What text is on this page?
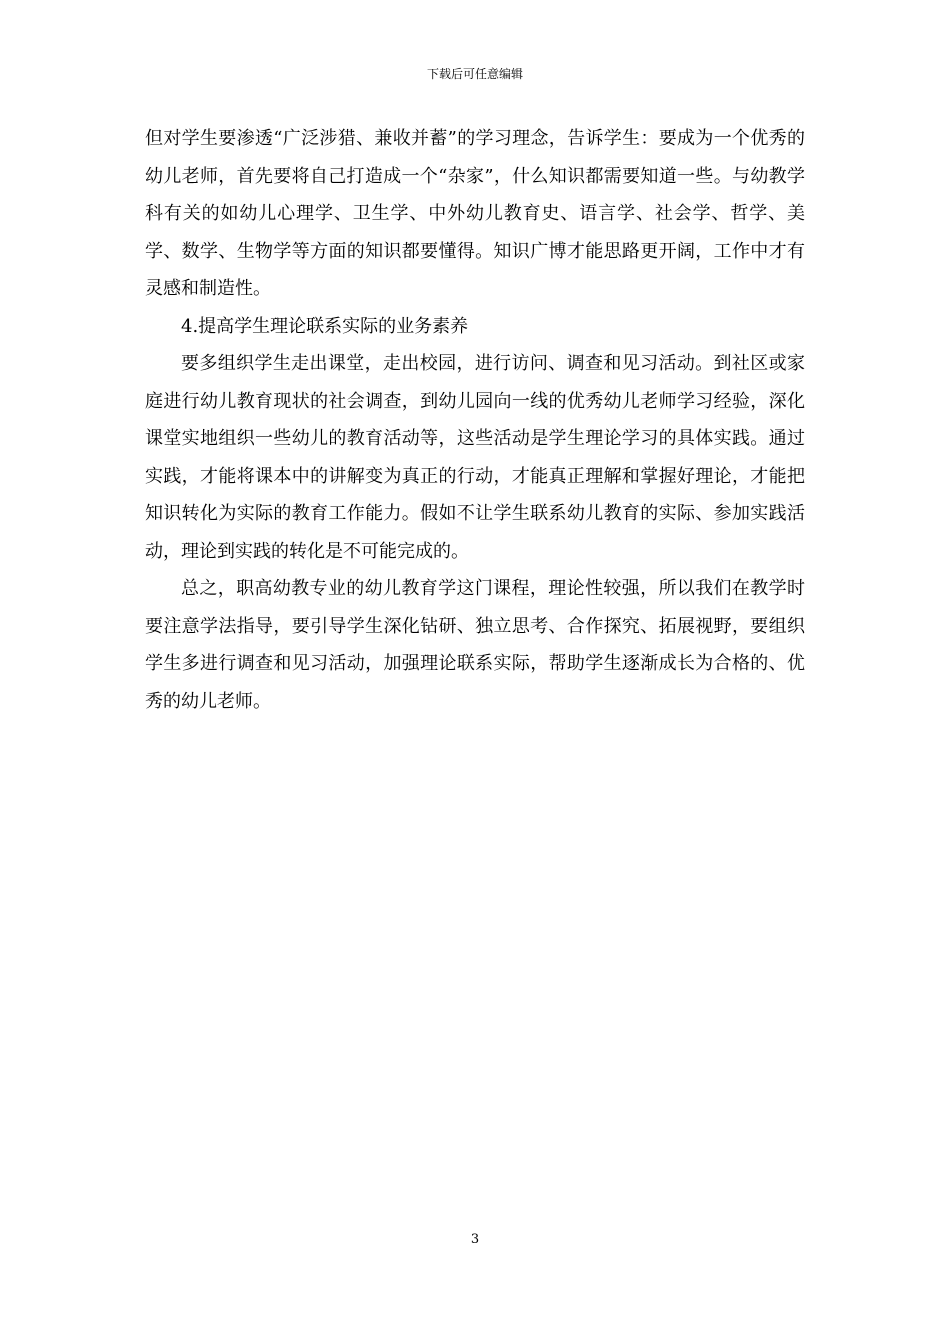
下载后可任意编辑

但对学生要渗透“广泛涉猎、兼收并蓄”的学习理念，告诉学生：要成为一个优秀的幼儿老师，首先要将自己打造成一个“杂家”，什么知识都需要知道一些。与幼教学科有关的如幼儿心理学、卫生学、中外幼儿教育史、语言学、社会学、哲学、美学、数学、生物学等方面的知识都要懂得。知识广博才能思路更开阔，工作中才有灵感和制造性。

4.提高学生理论联系实际的业务素养

要多组织学生走出课堂，走出校园，进行访问、调查和见习活动。到社区或家庭进行幼儿教育现状的社会调查，到幼儿园向一线的优秀幼儿老师学习经验，深化课堂实地组织一些幼儿的教育活动等，这些活动是学生理论学习的具体实践。通过实践，才能将课本中的讲解变为真正的行动，才能真正理解和掌握好理论，才能把知识转化为实际的教育工作能力。假如不让学生联系幼儿教育的实际、参加实践活动，理论到实践的转化是不可能完成的。

总之，职高幼教专业的幼儿教育学这门课程，理论性较强，所以我们在教学时要注意学法指导，要引导学生深化钻研、独立思考、合作探究、拓展视野，要组织学生多进行调查和见习活动，加强理论联系实际，帮助学生逐渐成长为合格的、优秀的幼儿老师。

3
